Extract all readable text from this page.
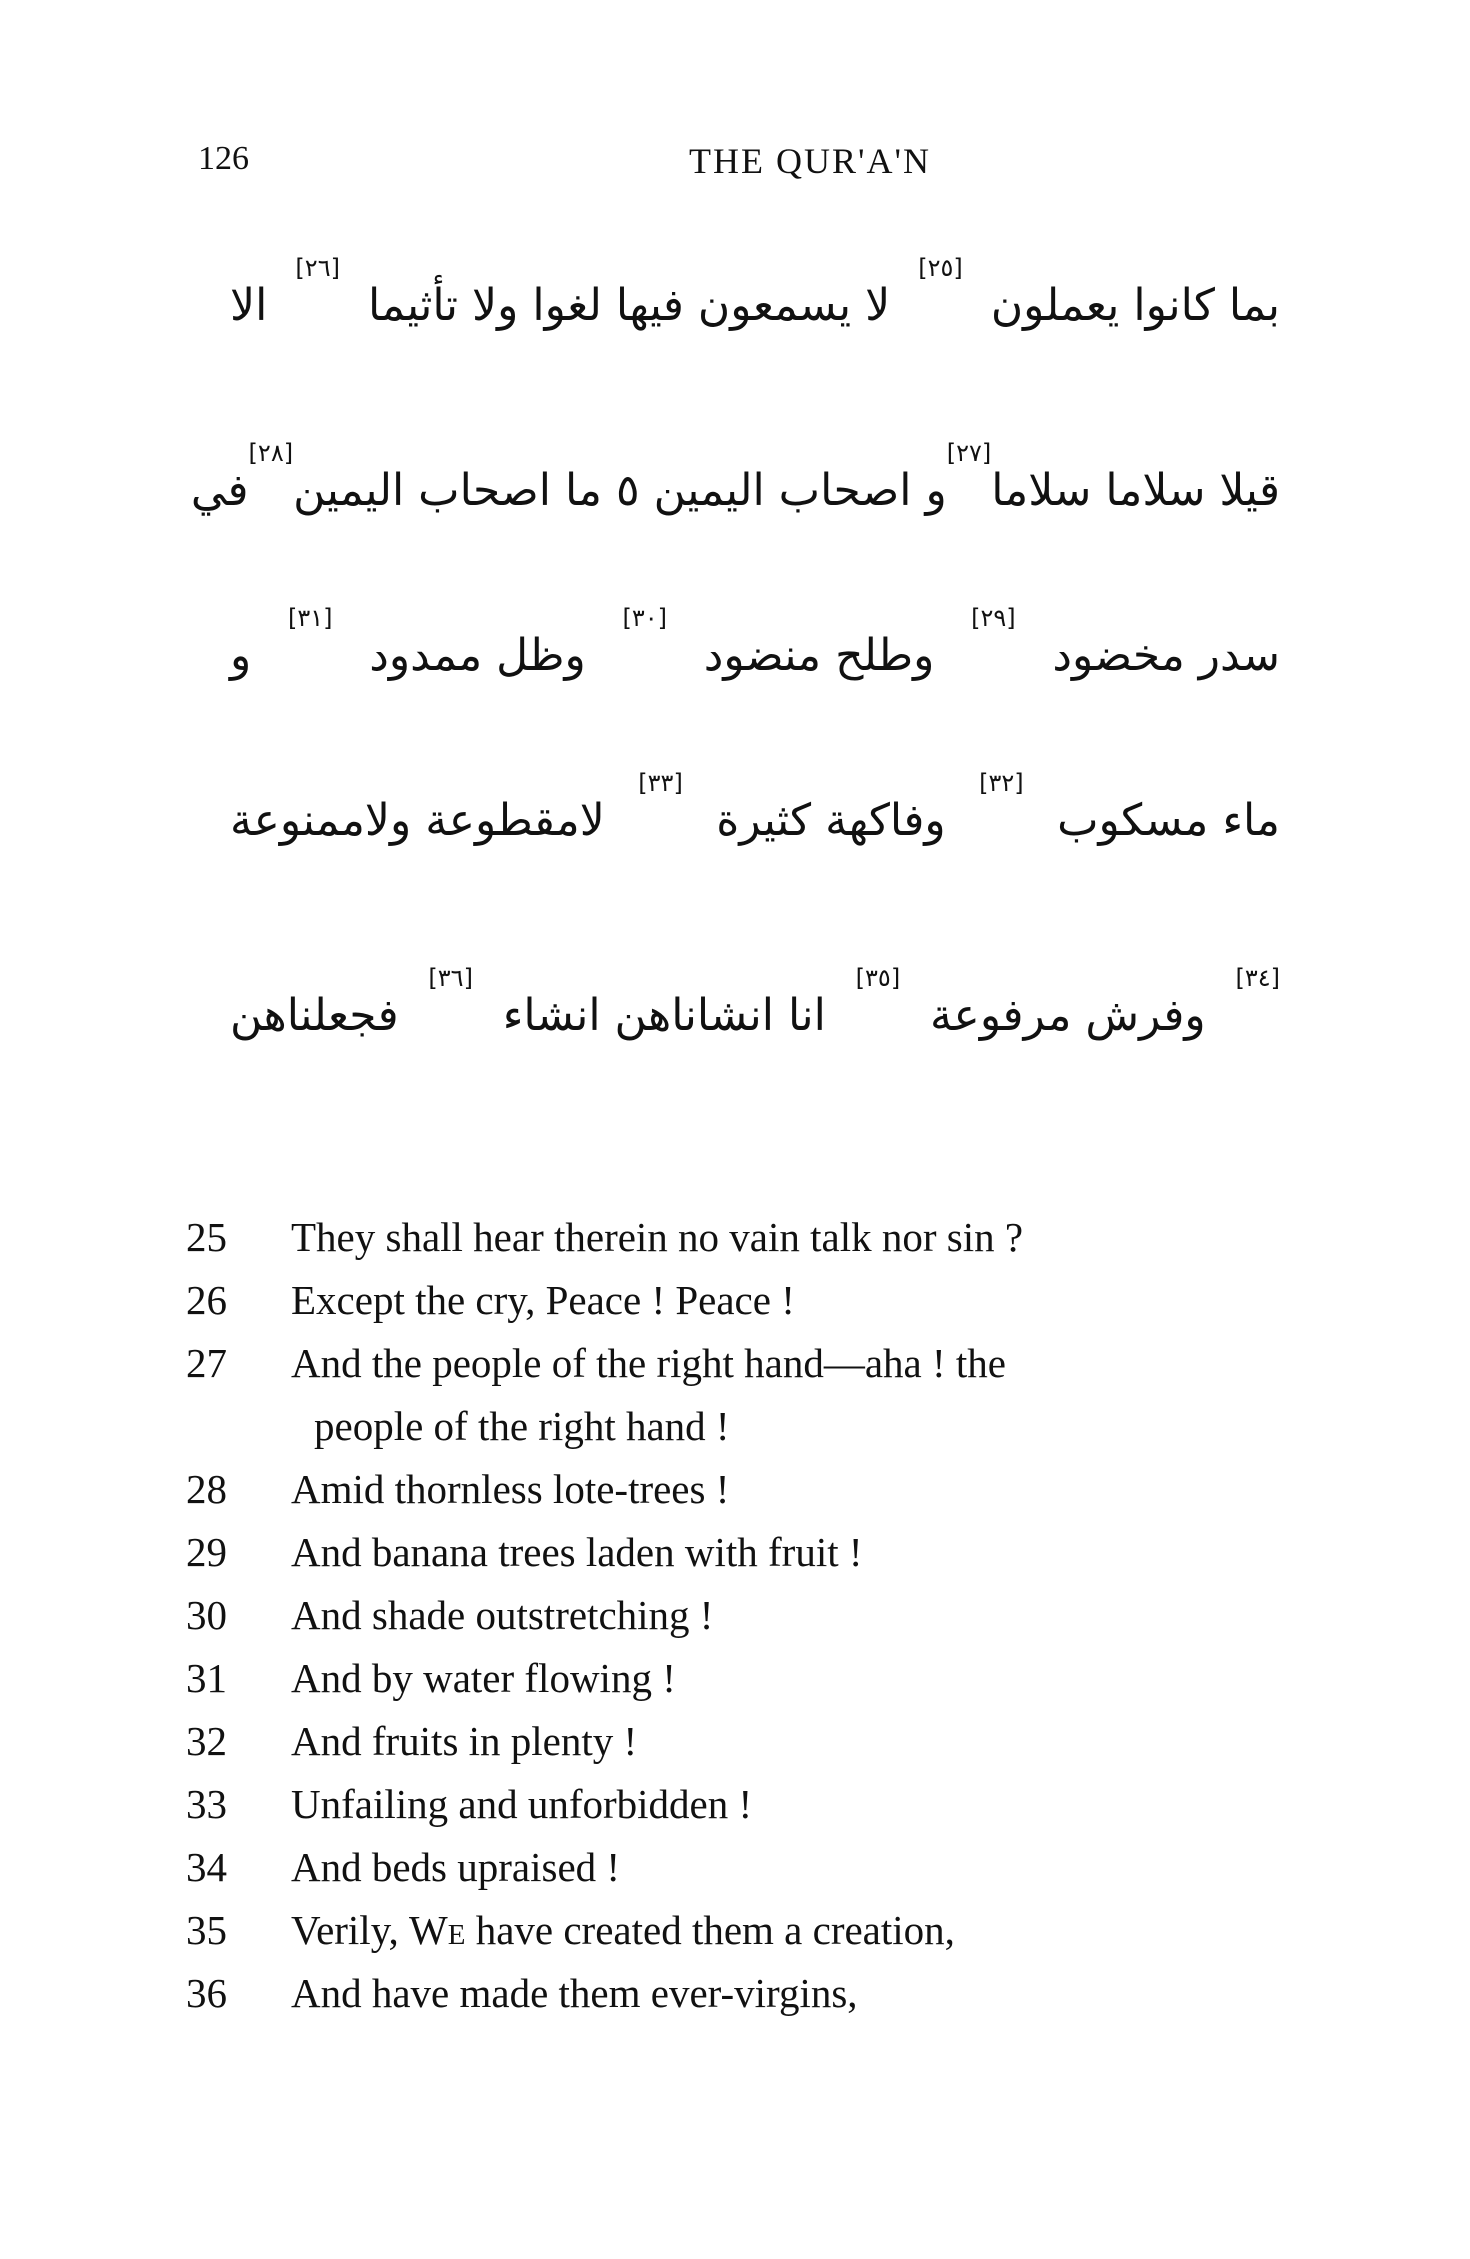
126	THE QUR'A'N
بما كانوا يعملون
[٢٥]
لا يسمعون فيها لغوا ولا تأثيما
[٢٦]
الا
قيلا سلاما سلاما
[٢٧]
و اصحاب اليمين ٥ ما اصحاب اليمين
[٢٨]
في
سدر مخضود
[٢٩]
وطلح منضود
[٣٠]
وظل ممدود
[٣١]
و
ماء مسكوب
[٣٢]
وفاكهة كثيرة
[٣٣]
لامقطوعة ولاممنوعة
[٣٤]
وفرش مرفوعة
[٣٥]
انا انشاناهن انشاء
[٣٦]
فجعلناهن
25	They shall hear therein no vain talk nor sin ?
26	Except the cry, Peace ! Peace !
27	And the people of the right hand—aha ! the
people of the right hand !
28	Amid thornless lote-trees !
29	And banana trees laden with fruit !
30	And shade outstretching !
31	And by water flowing !
32	And fruits in plenty !
33	Unfailing and unforbidden !
34	And beds upraised !
35	Verily, We have created them a creation,
36	And have made them ever-virgins,
